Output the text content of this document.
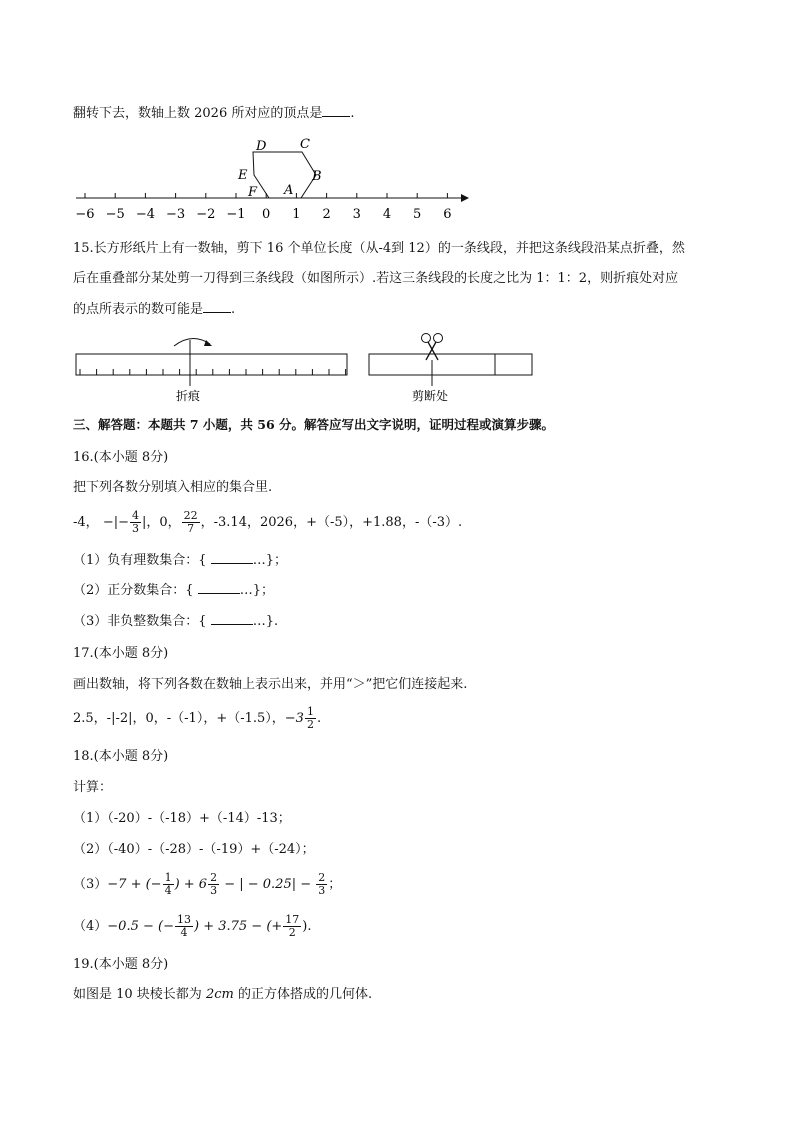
翻转下去，数轴上数 2026 所对应的顶点是 .
−6 −5 −4 −3 −2 −1 0 1 2 3 4 5 6
D	C
E	B
F A
15.长方形纸片上有一数轴，剪下 16 个单位长度（从-4到 12）的一条线段，并把这条线段沿某点折叠，然
后在重叠部分某处剪一刀得到三条线段（如图所示）.若这三条线段的长度之比为 1：1：2，则折痕处对应
的点所表示的数可能是 .
折痕	剪断处
三、解答题：本题共 7 小题，共 56 分。解答应写出文字说明，证明过程或演算步骤。
16.(本小题 8分)
把下列各数分别填入相应的集合里.
-4， −|− $\frac{4}{3}$ |，0， $\frac{22}{7}$ ，-3.14，2026，+（-5），+1.88，-（-3）.
（1）负有理数集合：{	…}；
（2）正分数集合：{	…}；
（3）非负整数集合：{	…}.
17.(本小题 8分)
画出数轴，将下列各数在数轴上表示出来，并用“＞”把它们连接起来.
2.5，-|-2|，0，-（-1），+（-1.5），$-3 \frac{1}{2}$ .
18.(本小题 8分)
计算：
（1）（-20）-（-18）+（-14）-13；
（2）（-40）-（-28）-（-19）+（-24）；
（3）−7 + (− $\frac{1}{4}$ ) + $6 \frac{2}{3}$ − | − $0.25| - \frac{2}{3}$ ；
（4）−0.5 − (− $\frac{13}{4}$ ) + 3.75 − (+ $\frac{17}{2}$ ).
19.(本小题 8分)
如图是 10 块棱长都为 2cm 的正方体搭成的几何体.
